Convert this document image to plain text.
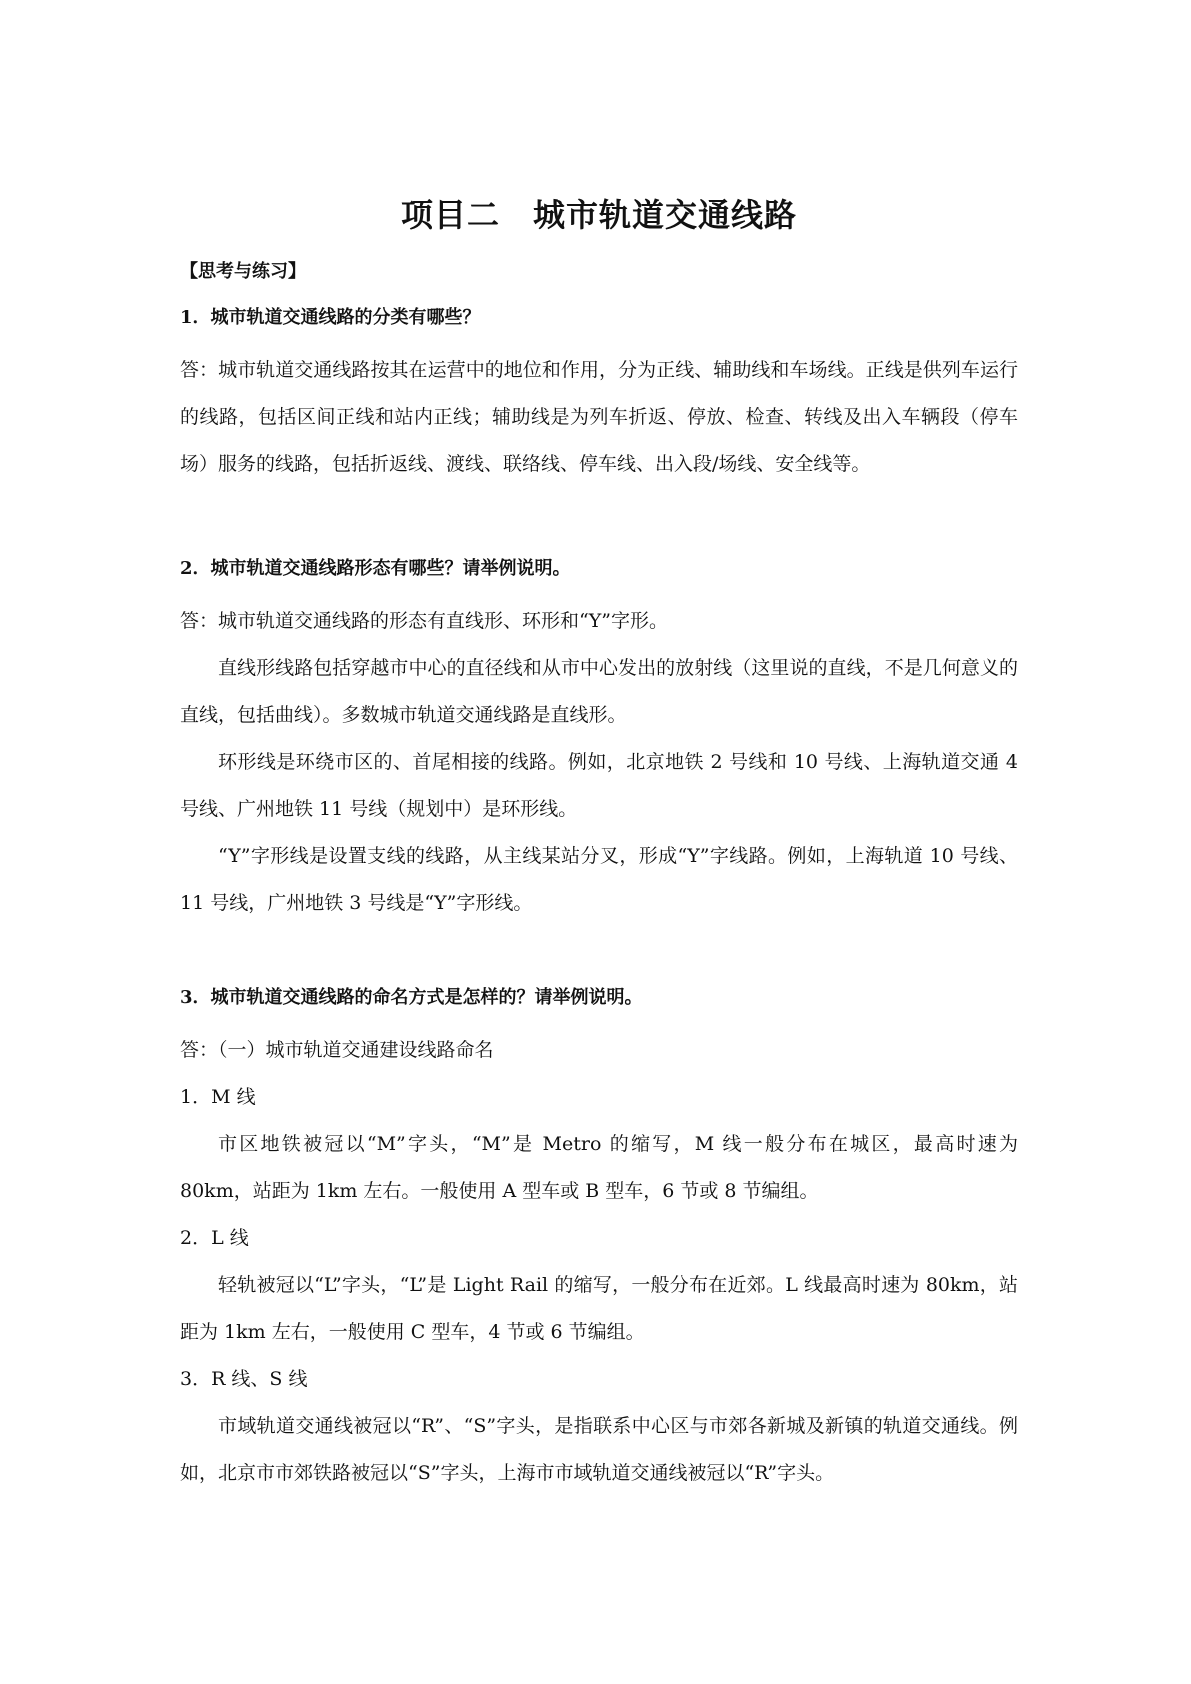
项目二　城市轨道交通线路
【思考与练习】
1．城市轨道交通线路的分类有哪些？

答：城市轨道交通线路按其在运营中的地位和作用，分为正线、辅助线和车场线。正线是供列车运行的线路，包括区间正线和站内正线；辅助线是为列车折返、停放、检查、转线及出入车辆段（停车场）服务的线路，包括折返线、渡线、联络线、停车线、出入段/场线、安全线等。

2．城市轨道交通线路形态有哪些？请举例说明。

答：城市轨道交通线路的形态有直线形、环形和“Y”字形。

直线形线路包括穿越市中心的直径线和从市中心发出的放射线（这里说的直线，不是几何意义的直线，包括曲线）。多数城市轨道交通线路是直线形。

环形线是环绕市区的、首尾相接的线路。例如，北京地铁 2 号线和 10 号线、上海轨道交通 4 号线、广州地铁 11 号线（规划中）是环形线。

“Y”字形线是设置支线的线路，从主线某站分叉，形成“Y”字线路。例如，上海轨道 10 号线、11 号线，广州地铁 3 号线是“Y”字形线。

3．城市轨道交通线路的命名方式是怎样的？请举例说明。

答：（一）城市轨道交通建设线路命名

1．M 线

市区地铁被冠以“M”字头，“M”是 Metro 的缩写，M 线一般分布在城区，最高时速为 80km，站距为 1km 左右。一般使用 A 型车或 B 型车，6 节或 8 节编组。

2．L 线

轻轨被冠以“L”字头，“L”是 Light Rail 的缩写，一般分布在近郊。L 线最高时速为 80km，站距为 1km 左右，一般使用 C 型车，4 节或 6 节编组。

3．R 线、S 线

市域轨道交通线被冠以“R”、“S”字头，是指联系中心区与市郊各新城及新镇的轨道交通线。例如，北京市市郊铁路被冠以“S”字头，上海市市域轨道交通线被冠以“R”字头。
